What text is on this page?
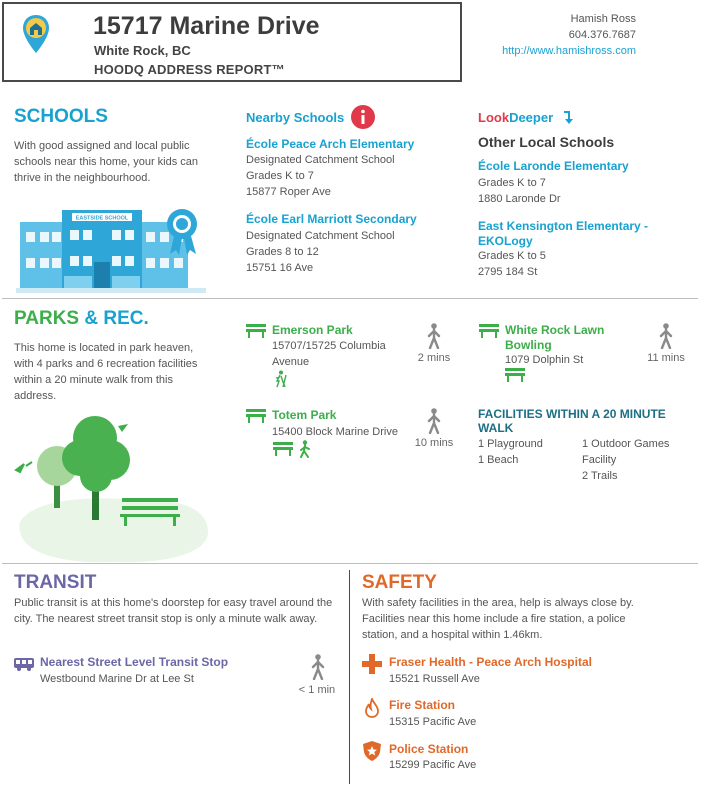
15717 Marine Drive
White Rock, BC
HOODQ ADDRESS REPORT™
Hamish Ross
604.376.7687
http://www.hamishross.com
SCHOOLS
With good assigned and local public schools near this home, your kids can thrive in the neighbourhood.
EASTSIDE SCHOOL
Nearby Schools
École Peace Arch Elementary
Designated Catchment School
Grades K to 7
15877 Roper Ave
École Earl Marriott Secondary
Designated Catchment School
Grades 8 to 12
15751 16 Ave
LookDeeper
Other Local Schools
École Laronde Elementary
Grades K to 7
1880 Laronde Dr
East Kensington Elementary - EKOLogy
Grades K to 5
2795 184 St
PARKS & REC.
This home is located in park heaven, with 4 parks and 6 recreation facilities within a 20 minute walk from this address.
Emerson Park
15707/15725 Columbia Avenue	2 mins
White Rock Lawn Bowling
1079 Dolphin St	11 mins
Totem Park
15400 Block Marine Drive
10 mins
FACILITIES WITHIN A 20 MINUTE WALK
1 Playground
1 Beach
1 Outdoor Games Facility
2 Trails
TRANSIT
Public transit is at this home's doorstep for easy travel around the city. The nearest street transit stop is only a minute walk away.
Nearest Street Level Transit Stop
Westbound Marine Dr at Lee St
< 1 min
SAFETY
With safety facilities in the area, help is always close by. Facilities near this home include a fire station, a police station, and a hospital within 1.46km.
Fraser Health - Peace Arch Hospital
15521 Russell Ave
Fire Station
15315 Pacific Ave
Police Station
15299 Pacific Ave
